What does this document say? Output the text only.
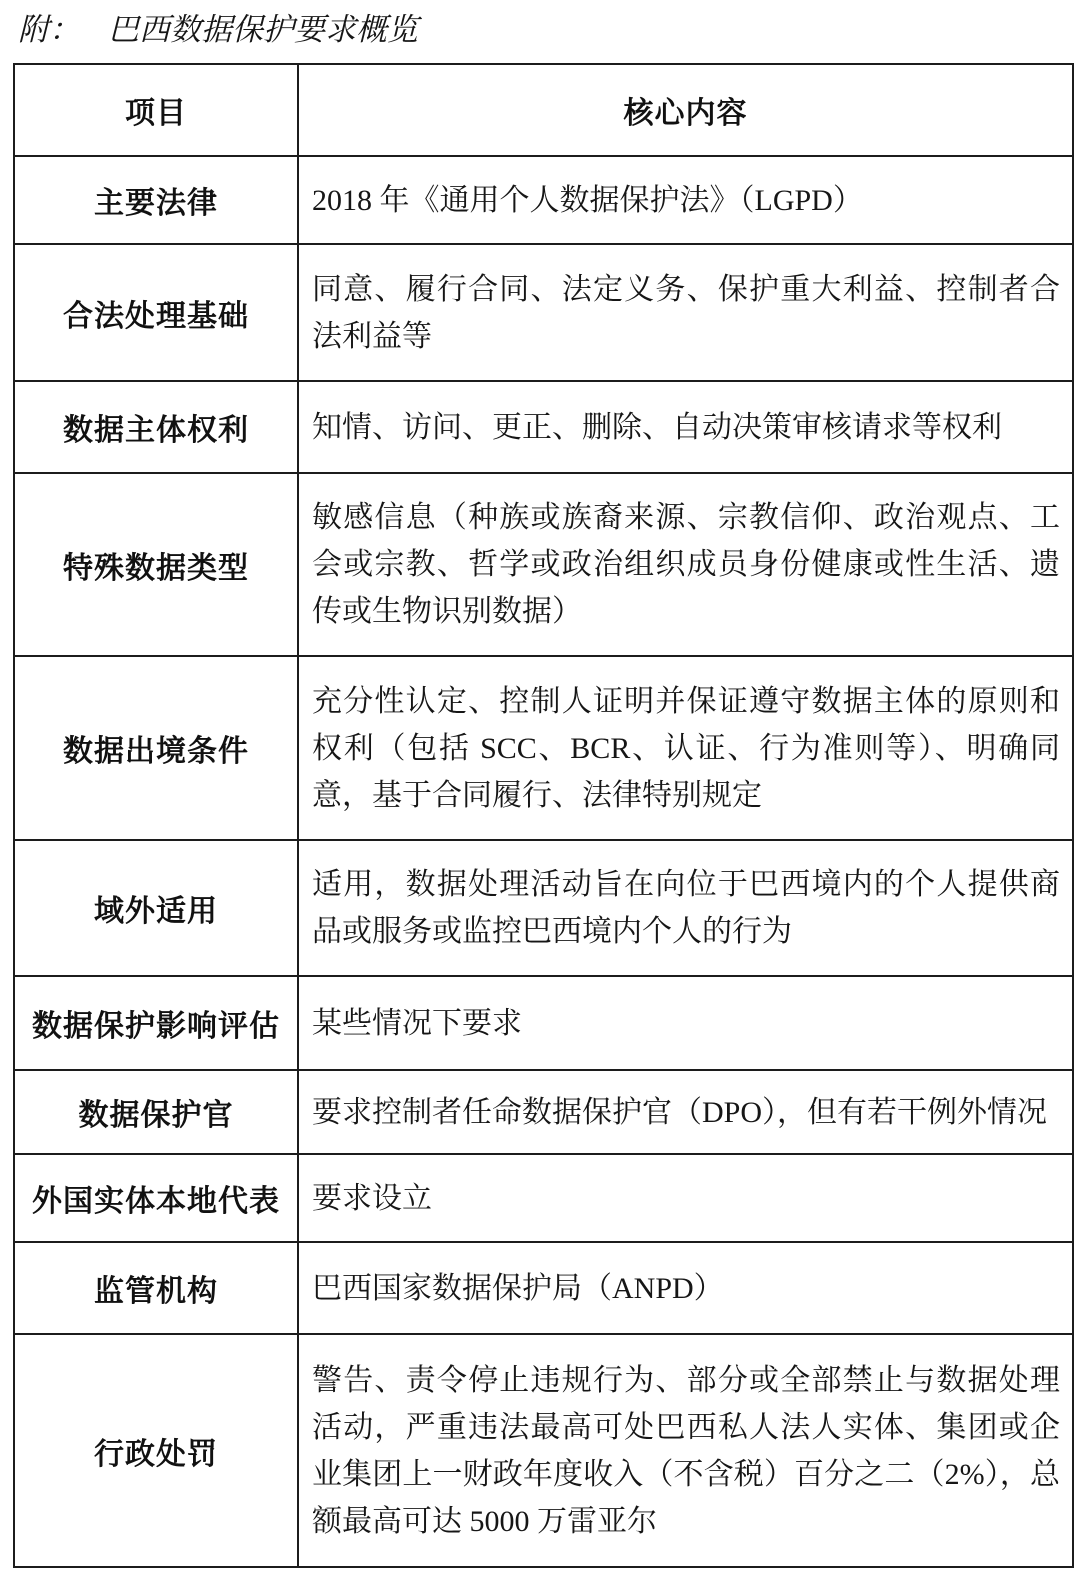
附： 巴西数据保护要求概览
项目	核心内容
主要法律	2018 年《通用个人数据保护法》（LGPD）
合法处理基础	同意、履行合同、法定义务、保护重大利益、控制者合法利益等
数据主体权利	知情、访问、更正、删除、自动决策审核请求等权利
特殊数据类型	敏感信息（种族或族裔来源、宗教信仰、政治观点、工会或宗教、哲学或政治组织成员身份健康或性生活、遗传或生物识别数据）
数据出境条件	充分性认定、控制人证明并保证遵守数据主体的原则和权利（包括 SCC、BCR、认证、行为准则等）、明确同意，基于合同履行、法律特别规定
域外适用	适用，数据处理活动旨在向位于巴西境内的个人提供商品或服务或监控巴西境内个人的行为
数据保护影响评估	某些情况下要求
数据保护官	要求控制者任命数据保护官（DPO），但有若干例外情况
外国实体本地代表	要求设立
监管机构	巴西国家数据保护局（ANPD）
行政处罚	警告、责令停止违规行为、部分或全部禁止与数据处理活动，严重违法最高可处巴西私人法人实体、集团或企业集团上一财政年度收入（不含税）百分之二（2%），总额最高可达 5000 万雷亚尔
